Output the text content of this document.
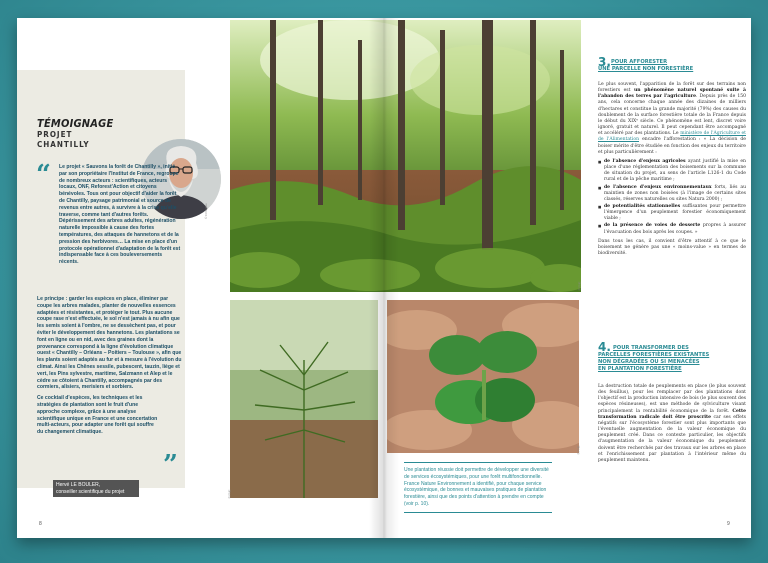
TÉMOIGNAGE
PROJET
CHANTILLY
© F.Poupée
“ Le projet « Sauvons la forêt de Chantilly », initié par son propriétaire l'Institut de France, regroupe de nombreux acteurs : scientifiques, acteurs locaux, ONF, Reforest'Action et citoyens bénévoles. Tous ont pour objectif d'aider la forêt de Chantilly, paysage patrimonial et source de revenus entre autres, à survivre à la crise qu'elle traverse, comme tant d'autres forêts. Dépérissement des arbres adultes, régénération naturelle impossible à cause des fortes températures, des attaques de hannetons et de la pression des herbivores… La mise en place d'un protocole opérationnel d'adaptation de la forêt est indispensable face à ces bouleversements récents.

Le principe : garder les espèces en place, éliminer par coupe les arbres malades, planter de nouvelles essences adaptées et résistantes, et protéger le tout. Plus aucune coupe rase n'est effectuée, le sol n'est jamais à nu afin que les semis soient à l'ombre, ne se dessèchent pas, et pour éviter le développement des hannetons. Les plantations se font en ligne ou en nid, avec des graines dont la provenance correspond à la ligne d'évolution climatique ouest « Chantilly – Orléans – Poitiers – Toulouse », afin que les plants soient adaptés au fur et à mesure à l'évolution du climat. Ainsi les Chênes sessile, pubescent, tauzin, liège et vert, les Pins sylvestre, maritime, Salzmann et Alep et le cèdre se côtoient à Chantilly, accompagnés par des cormiers, alisiers, merisiers et sorbiers.

Ce cocktail d'espèces, les techniques et les stratégies de plantation sont le fruit d'une approche complexe, grâce à une analyse scientifique unique en France et une concertation multi-acteurs, pour adapter une forêt qui souffre du changement climatique.

”
Hervé LE BOULER,
conseiller scientifique du projet
© FNE
© FNE
© FNE
Une plantation réussie doit permettre de développer une diversité de services écosystémiques, pour une forêt multifonctionnelle. France Nature Environnement a identifié, pour chaque service écosystémique, de bonnes et mauvaises pratiques de plantation forestière, ainsi que des points d'attention à prendre en compte (voir p. 10).
3. POUR AFFORESTER
UNE PARCELLE NON FORESTIÈRE

Le plus souvent, l'apparition de la forêt sur des terrains non forestiers est un phénomène naturel spontané suite à l'abandon des terres par l'agriculture. Depuis près de 150 ans, cela concerne chaque année des dizaines de milliers d'hectares et constitue la grande majorité (79%) des causes du doublement de la surface forestière totale de la France depuis le début du XIXᵉ siècle. Ce phénomène est lent, discret voire ignoré, gratuit et naturel. Il peut cependant être accompagné et accéléré par des plantations. Le ministère de l'Agriculture et de l'Alimentation encadre l'afforestation : « La décision de boiser mérite d'être étudiée en fonction des enjeux du territoire et plus particulièrement :

■ de l'absence d'enjeux agricoles ayant justifié la mise en place d'une réglementation des boisements sur la commune de situation du projet, au sens de l'article L126-1 du Code rural et de la pêche maritime ;
■ de l'absence d'enjeux environnementaux forts, liés au maintien de zones non boisées (à l'image de certains sites classés, réserves naturelles ou sites Natura 2000) ;
■ de potentialités stationnelles suffisantes pour permettre l'émergence d'un peuplement forestier économiquement viable ;
■ de la présence de voies de desserte propres à assurer l'évacuation des bois après les coupes. »

Dans tous les cas, il convient d'être attentif à ce que le boisement ne génère pas une « moins-value » en termes de biodiversité.

4. POUR TRANSFORMER DES
PARCELLES FORESTIÈRES EXISTANTES
NON DÉGRADÉES OU SI MENACÉES
EN PLANTATION FORESTIÈRE

La destruction totale de peuplements en place (le plus souvent des feuillus), pour les remplacer par des plantations dont l'objectif est la production intensive de bois (le plus souvent des espèces résineuses), est une méthode de sylviculture visant principalement la rentabilité économique de la forêt. Cette transformation radicale doit être proscrite car ses effets négatifs sur l'écosystème forestier sont plus importants que l'éventuelle augmentation de la valeur économique du peuplement créé. Dans ce contexte particulier, les objectifs d'augmentation de la valeur économique du peuplement doivent être recherchés par des travaux sur les arbres en place et l'enrichissement par plantation à l'intérieur même du peuplement maintenu.

8	9
